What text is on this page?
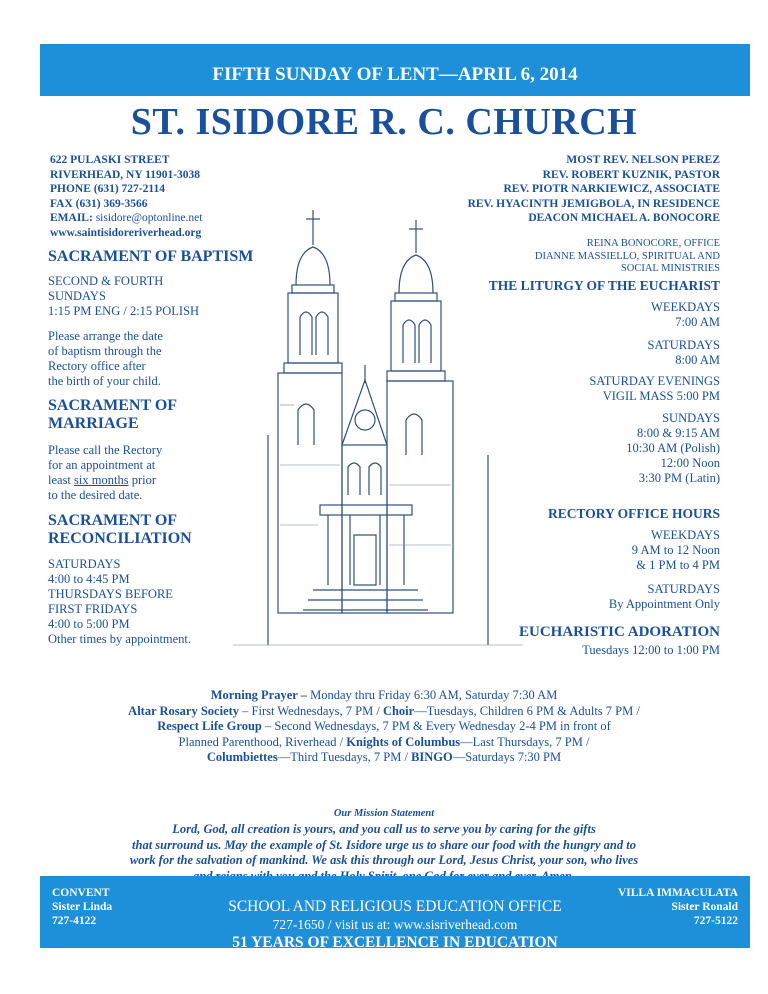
FIFTH SUNDAY OF LENT—APRIL 6, 2014
ST. ISIDORE R. C. CHURCH
622 PULASKI STREET
RIVERHEAD, NY 11901-3038
PHONE (631) 727-2114
FAX (631) 369-3566
EMAIL: sisidore@optonline.net
www.saintisidoreriverhead.org
MOST REV. NELSON PEREZ
REV. ROBERT KUZNIK, PASTOR
REV. PIOTR NARKIEWICZ, ASSOCIATE
REV. HYACINTH JEMIGBOLA, IN RESIDENCE
DEACON MICHAEL A. BONOCORE
REINA BONOCORE, OFFICE
DIANNE MASSIELLO, SPIRITUAL AND
SOCIAL MINISTRIES
SACRAMENT OF BAPTISM
SECOND & FOURTH
SUNDAYS
1:15 PM ENG / 2:15 POLISH
Please arrange the date
of baptism through the
Rectory office after
the birth of your child.
SACRAMENT OF
MARRIAGE
Please call the Rectory
for an appointment at
least six months prior
to the desired date.
SACRAMENT OF
RECONCILIATION
SATURDAYS
4:00 to 4:45 PM
THURSDAYS BEFORE
FIRST FRIDAYS
4:00 to 5:00 PM
Other times by appointment.
THE LITURGY OF THE EUCHARIST
WEEKDAYS
7:00 AM
SATURDAYS
8:00 AM
SATURDAY EVENINGS
VIGIL MASS 5:00 PM
SUNDAYS
8:00 & 9:15 AM
10:30 AM (Polish)
12:00 Noon
3:30 PM (Latin)
RECTORY OFFICE HOURS
WEEKDAYS
9 AM to 12 Noon
& 1 PM to 4 PM
SATURDAYS
By Appointment Only
EUCHARISTIC ADORATION
Tuesdays 12:00 to 1:00 PM
Morning Prayer – Monday thru Friday 6:30 AM, Saturday 7:30 AM
Altar Rosary Society – First Wednesdays, 7 PM / Choir—Tuesdays, Children 6 PM & Adults 7 PM /
Respect Life Group – Second Wednesdays, 7 PM & Every Wednesday 2-4 PM in front of
Planned Parenthood, Riverhead / Knights of Columbus—Last Thursdays, 7 PM /
Columbiettes—Third Tuesdays, 7 PM / BINGO—Saturdays 7:30 PM
Our Mission Statement
Lord, God, all creation is yours, and you call us to serve you by caring for the gifts
that surround us. May the example of St. Isidore urge us to share our food with the hungry and to
work for the salvation of mankind. We ask this through our Lord, Jesus Christ, your son, who lives
CONVENT
Sister Linda
727-4122
SCHOOL AND RELIGIOUS EDUCATION OFFICE
727-1650 / visit us at: www.sisriverhead.com
51 YEARS OF EXCELLENCE IN EDUCATION
VILLA IMMACULATA
Sister Ronald
727-5122
